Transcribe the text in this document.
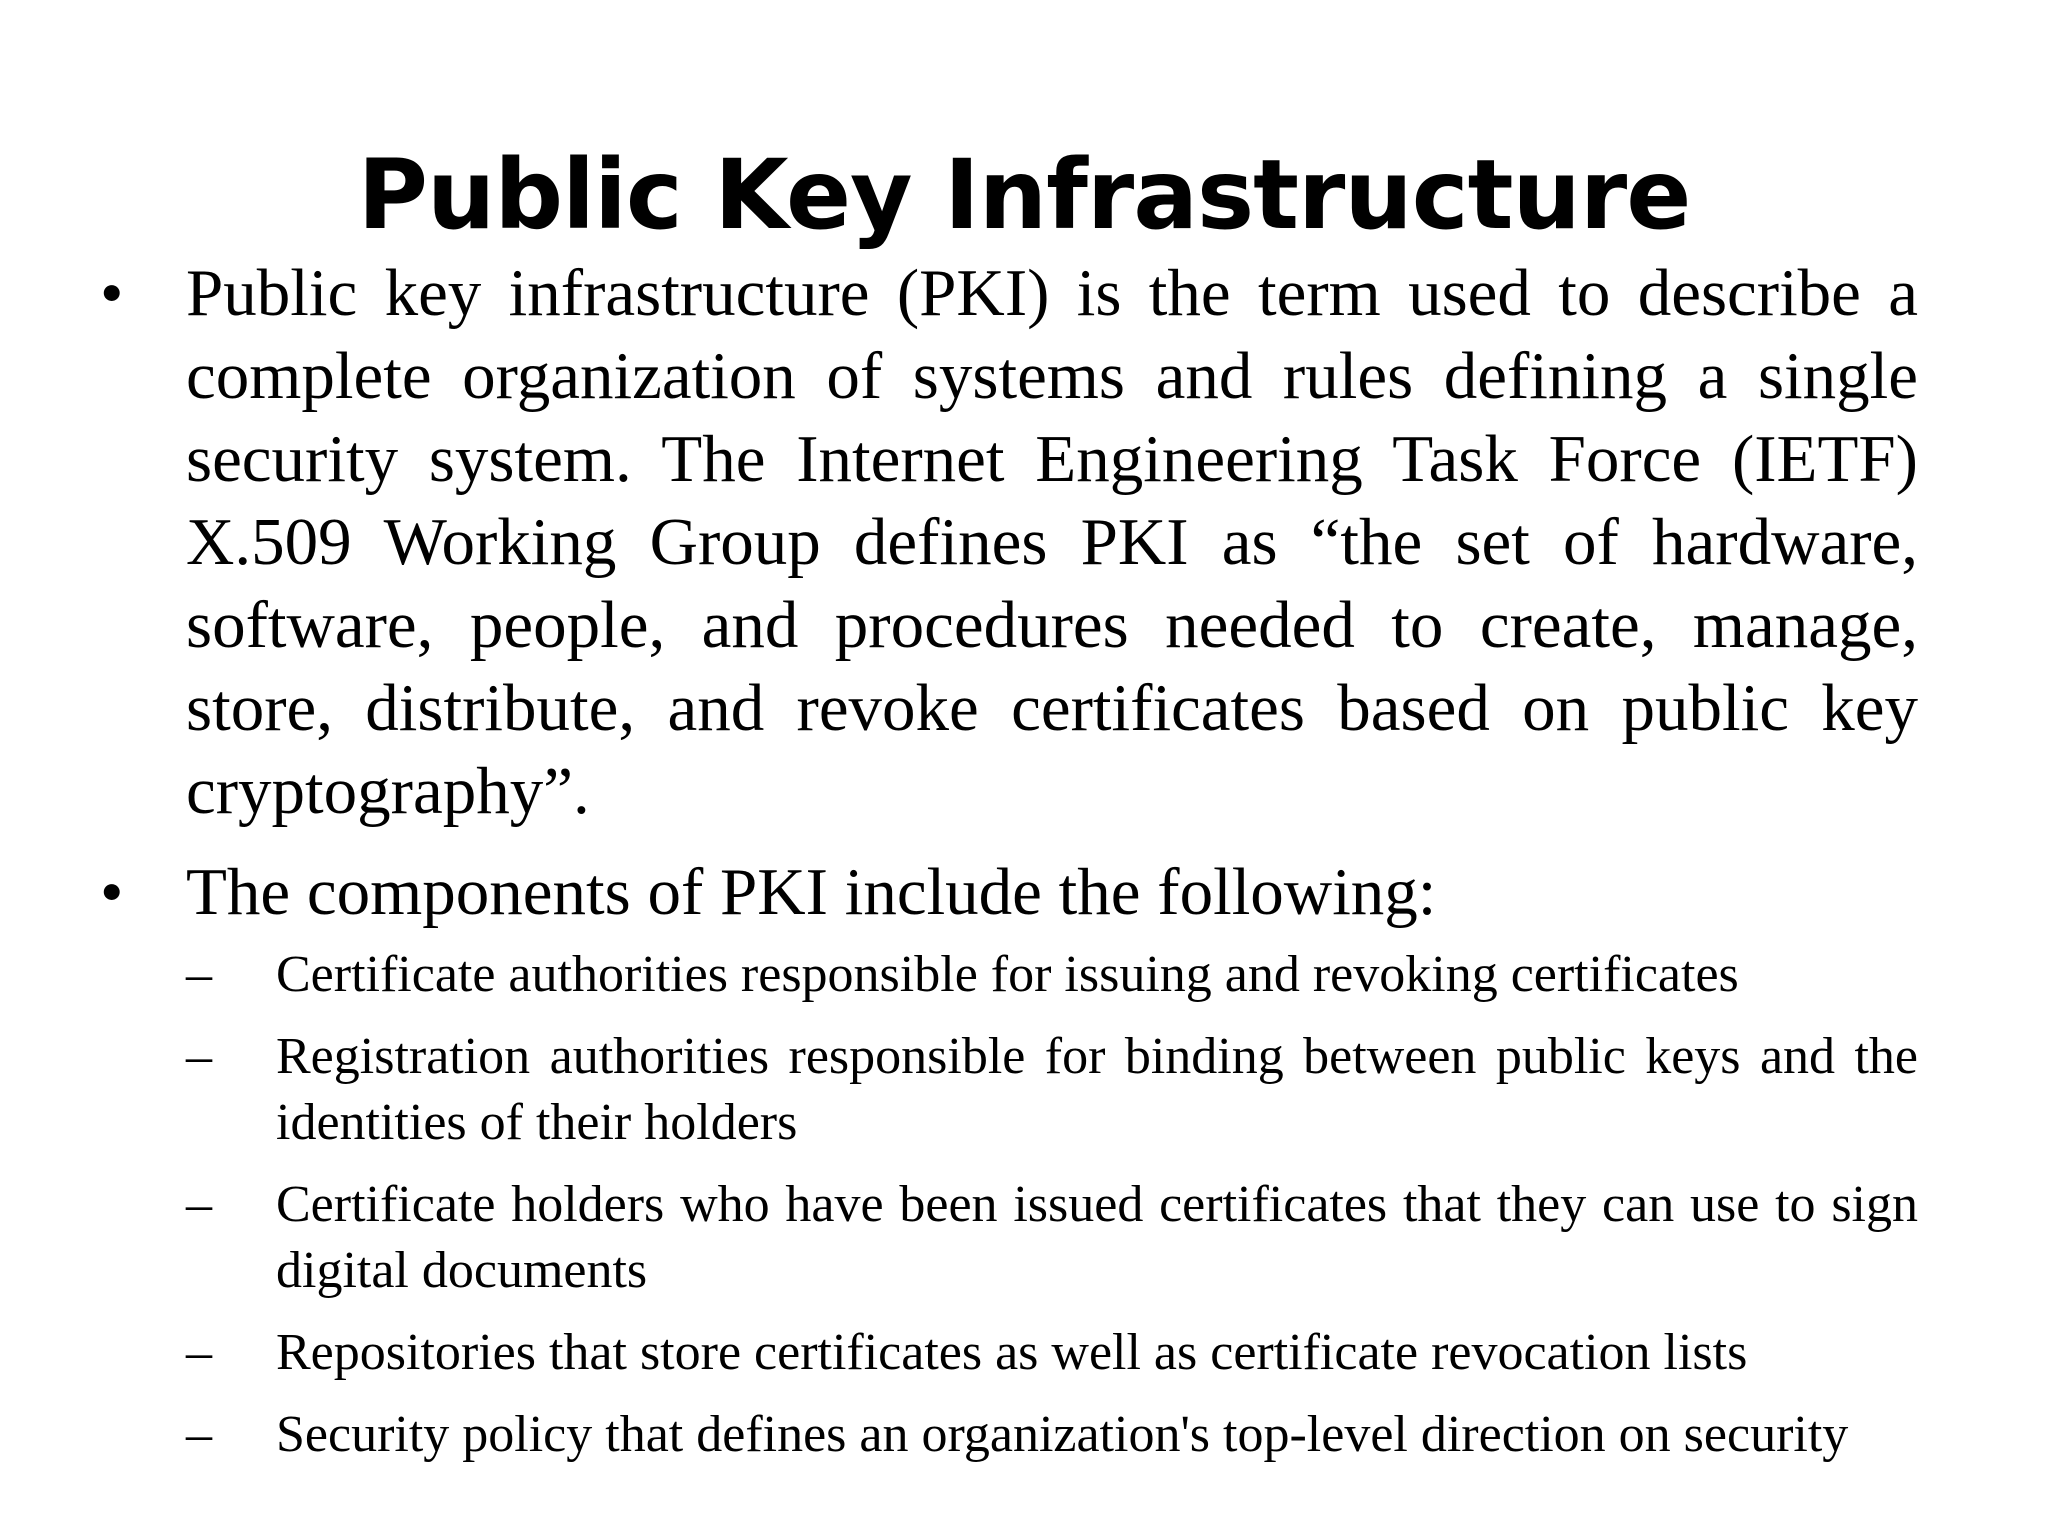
Public Key Infrastructure
• Public key infrastructure (PKI) is the term used to describe a complete organization of systems and rules defining a single security system. The Internet Engineering Task Force (IETF) X.509 Working Group defines PKI as “the set of hardware, software, people, and procedures needed to create, manage, store, distribute, and revoke certificates based on public key cryptography”.
• The components of PKI include the following:
– Certificate authorities responsible for issuing and revoking certificates
– Registration authorities responsible for binding between public keys and the identities of their holders
– Certificate holders who have been issued certificates that they can use to sign digital documents
– Repositories that store certificates as well as certificate revocation lists
– Security policy that defines an organization's top-level direction on security
